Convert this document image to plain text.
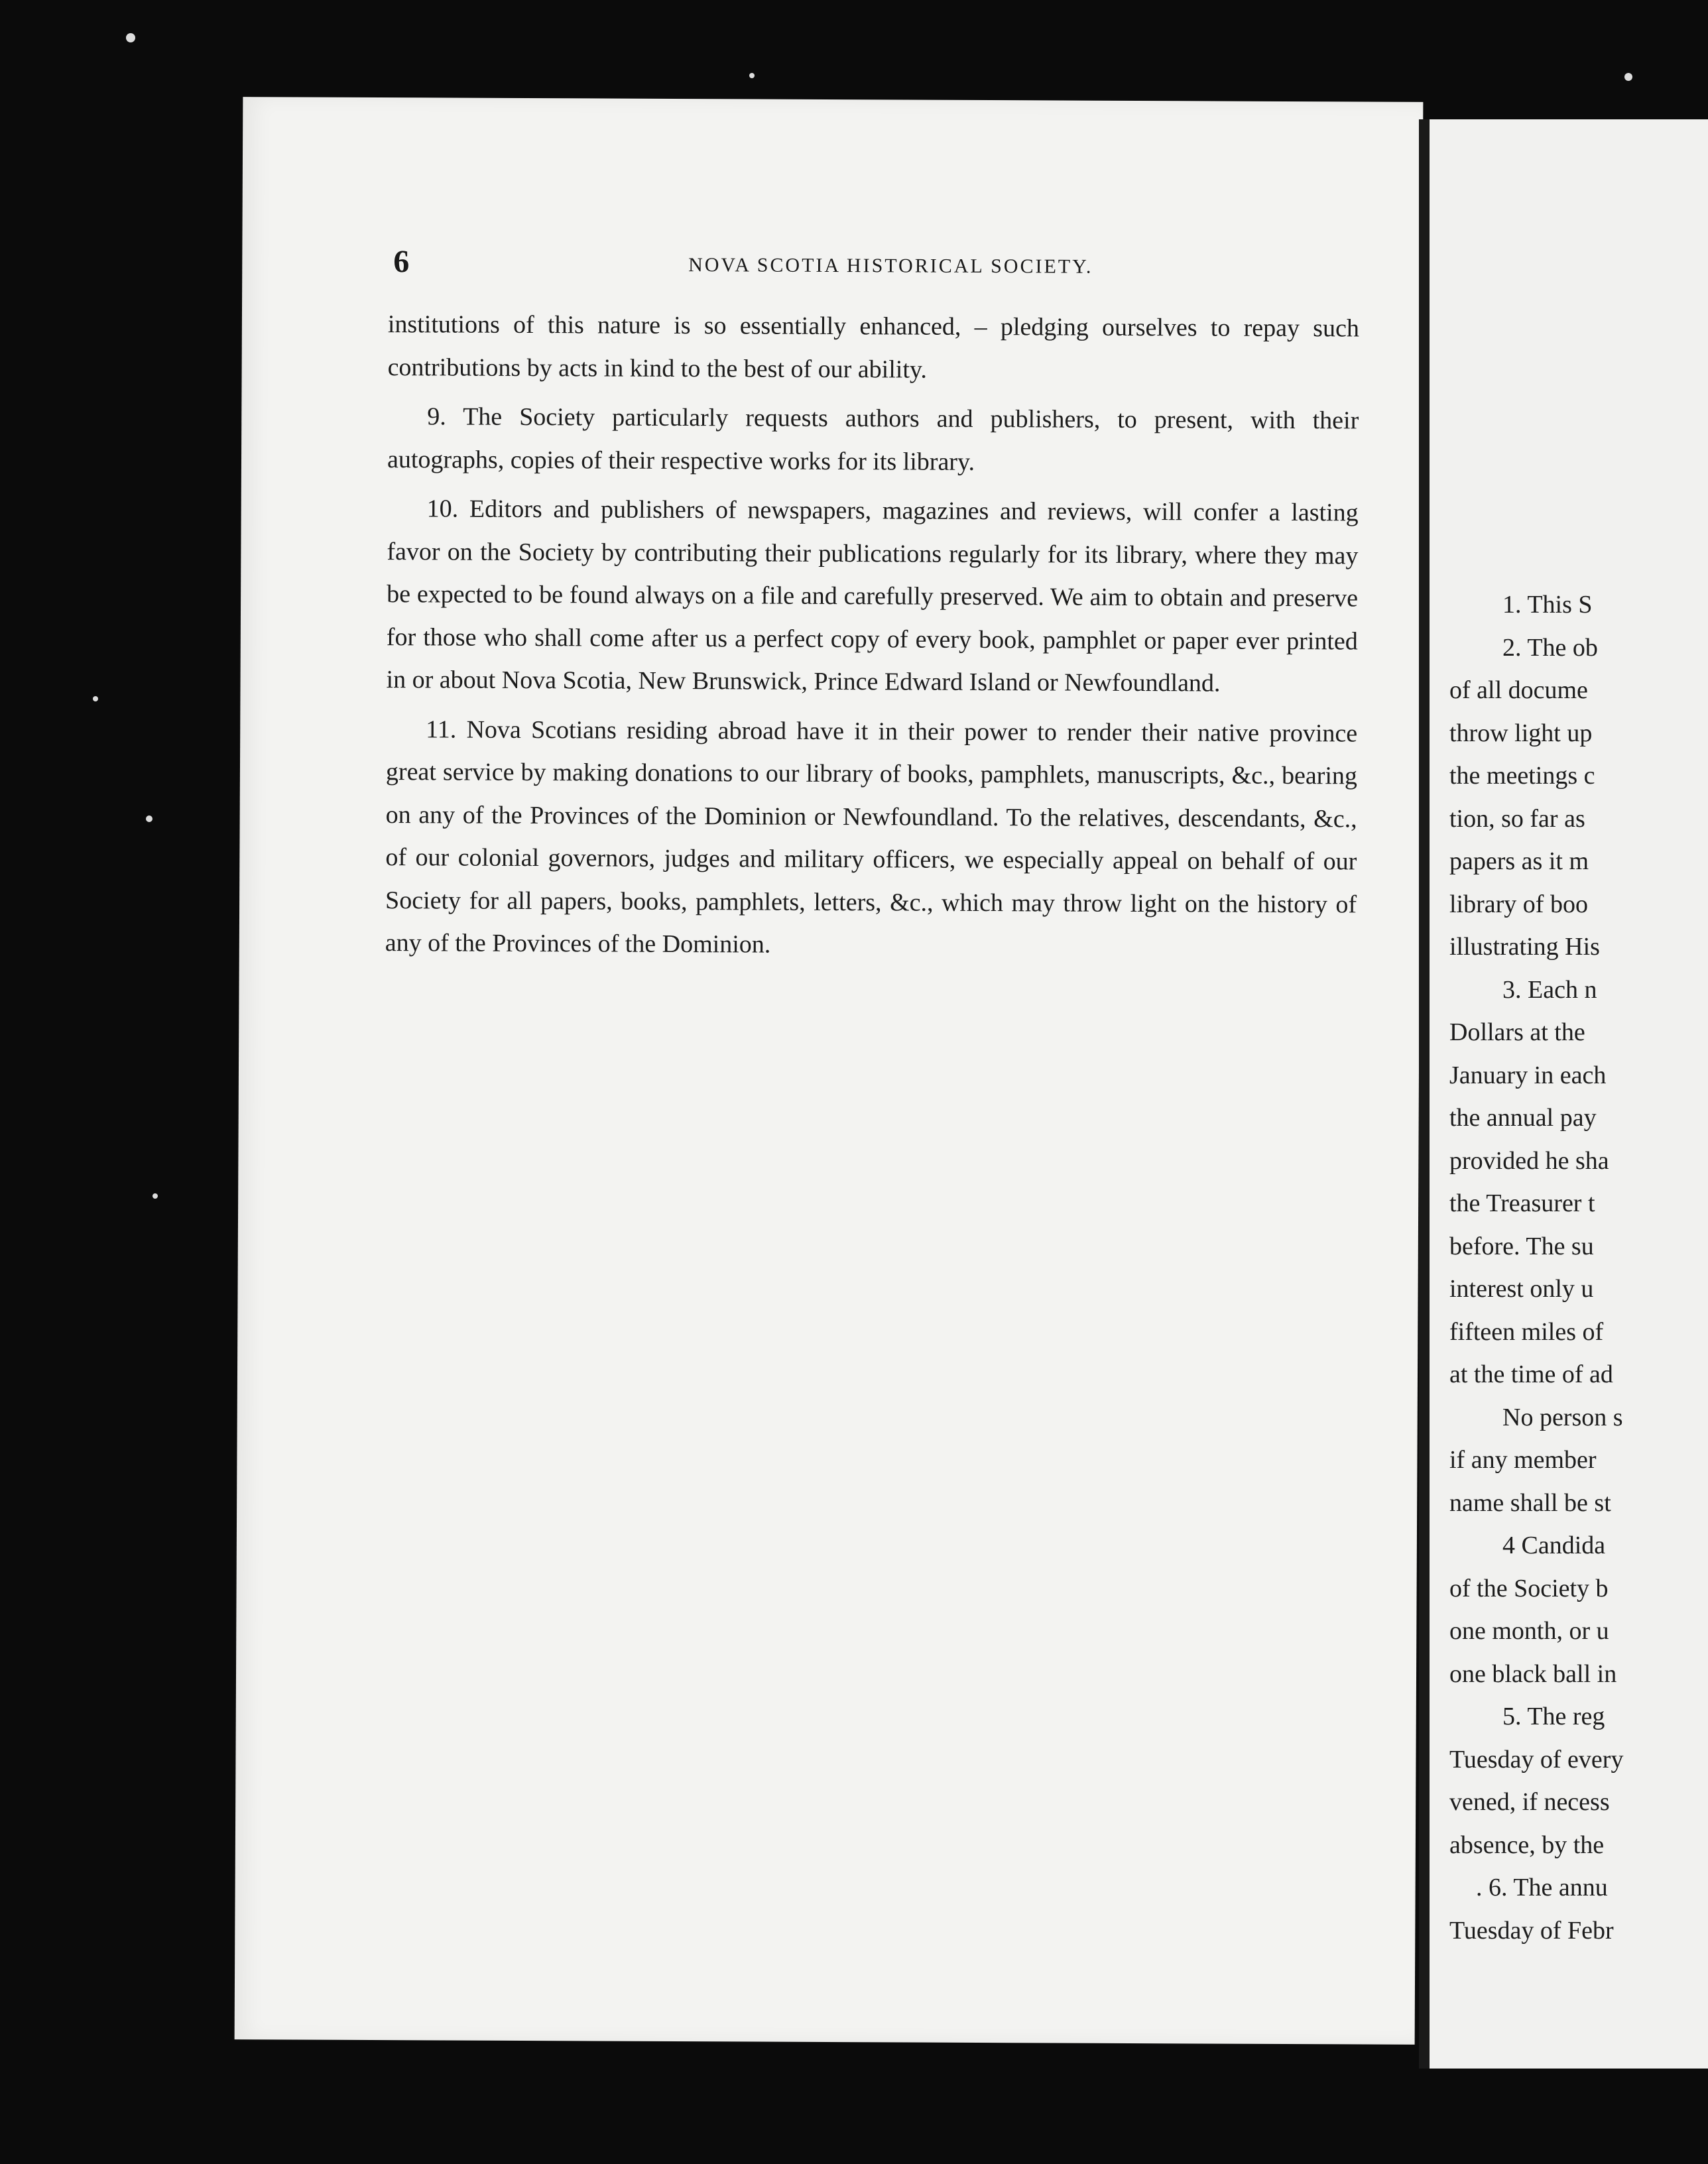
6	NOVA SCOTIA HISTORICAL SOCIETY.

institutions of this nature is so essentially enhanced, – pledging ourselves to repay such contributions by acts in kind to the best of our ability.

9. The Society particularly requests authors and publishers, to present, with their autographs, copies of their respective works for its library.

10. Editors and publishers of newspapers, magazines and reviews, will confer a lasting favor on the Society by contributing their publications regularly for its library, where they may be expected to be found always on a file and carefully preserved. We aim to obtain and preserve for those who shall come after us a perfect copy of every book, pamphlet or paper ever printed in or about Nova Scotia, New Brunswick, Prince Edward Island or Newfoundland.

11. Nova Scotians residing abroad have it in their power to render their native province great service by making donations to our library of books, pamphlets, manuscripts, &c., bearing on any of the Provinces of the Dominion or Newfoundland. To the relatives, descendants, &c., of our colonial governors, judges and military officers, we especially appeal on behalf of our Society for all papers, books, pamphlets, letters, &c., which may throw light on the history of any of the Provinces of the Dominion.

1. This S
2. The ob
of all docume
throw light up
the meetings c
tion, so far as
papers as it m
library of boo
illustrating His
3. Each n
Dollars at the
January in each
the annual pay
provided he sha
the Treasurer t
before. The su
interest only u
fifteen miles of
at the time of ad
No person s
if any member
name shall be st
4 Candida
of the Society b
one month, or u
one black ball in
5. The reg
Tuesday of every
vened, if necess
absence, by the
. 6. The annu
Tuesday of Febr
